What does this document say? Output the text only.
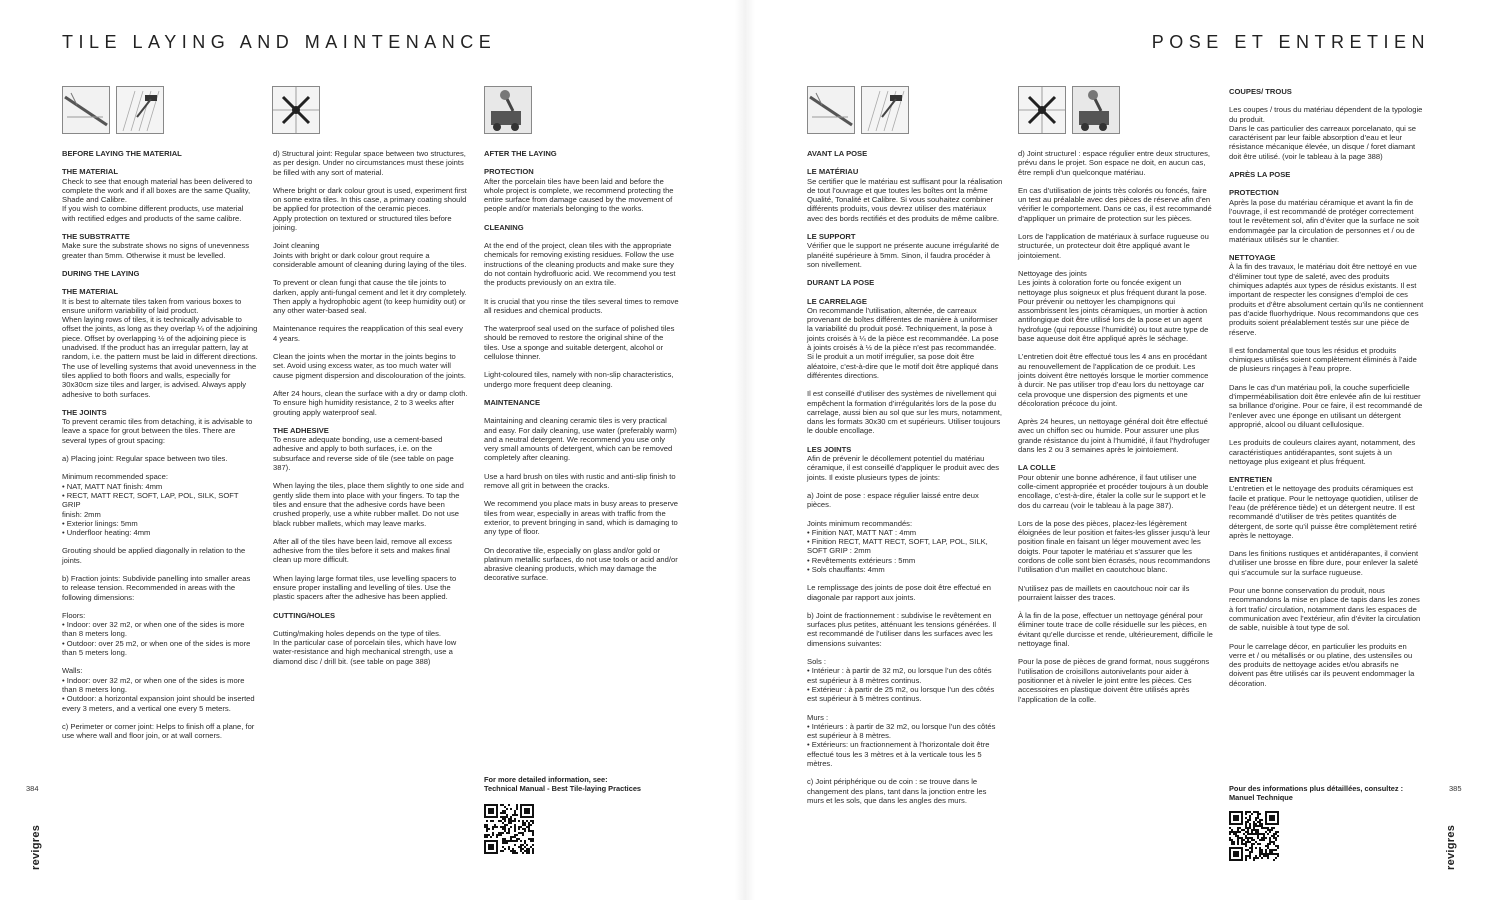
TILE LAYING AND MAINTENANCE
BEFORE LAYING THE MATERIAL
THE MATERIAL
Check to see that enough material has been delivered to complete the work and if all boxes are the same Quality, Shade and Calibre.
If you wish to combine different products, use material with rectified edges and products of the same calibre.
THE SUBSTRATTE
Make sure the substrate shows no signs of unevenness greater than 5mm. Otherwise it must be levelled.
DURING THE LAYING
THE MATERIAL
It is best to alternate tiles taken from various boxes to ensure uniform variability of laid product.
When laying rows of tiles, it is technically advisable to offset the joints, as long as they overlap ¼ of the adjoining piece. Offset by overlapping ½ of the adjoining piece is unadvised. If the product has an irregular pattern, lay at random, i.e. the pattern must be laid in different directions.
The use of levelling systems that avoid unevenness in the tiles applied to both floors and walls, especially for 30x30cm size tiles and larger, is advised. Always apply adhesive to both surfaces.
THE JOINTS
To prevent ceramic tiles from detaching, it is advisable to leave a space for grout between the tiles. There are several types of grout spacing:
a) Placing joint: Regular space between two tiles.
Minimum recommended space:
• NAT, MATT NAT finish: 4mm
• RECT, MATT RECT, SOFT, LAP, POL, SILK, SOFT GRIP
finish: 2mm
• Exterior linings: 5mm
• Underfloor heating: 4mm
Grouting should be applied diagonally in relation to the joints.
b) Fraction joints: Subdivide panelling into smaller areas to release tension. Recommended in areas with the following dimensions:
Floors:
• Indoor: over 32 m2, or when one of the sides is more than 8 meters long.
• Outdoor: over 25 m2, or when one of the sides is more than 5 meters long.
Walls:
• Indoor: over 32 m2, or when one of the sides is more than 8 meters long.
• Outdoor: a horizontal expansion joint should be inserted every 3 meters, and a vertical one every 5 meters.
c) Perimeter or corner joint: Helps to finish off a plane, for use where wall and floor join, or at wall corners.
d) Structural joint: Regular space between two structures, as per design. Under no circumstances must these joints be filled with any sort of material.
Where bright or dark colour grout is used, experiment first on some extra tiles. In this case, a primary coating should be applied for protection of the ceramic pieces.
Apply protection on textured or structured tiles before joining.
Joint cleaning
Joints with bright or dark colour grout require a considerable amount of cleaning during laying of the tiles.
To prevent or clean fungi that cause the tile joints to darken, apply anti-fungal cement and let it dry completely. Then apply a hydrophobic agent (to keep humidity out) or any other water-based seal.
Maintenance requires the reapplication of this seal every 4 years.
Clean the joints when the mortar in the joints begins to set. Avoid using excess water, as too much water will cause pigment dispersion and discolouration of the joints.
After 24 hours, clean the surface with a dry or damp cloth. To ensure high humidity resistance, 2 to 3 weeks after grouting apply waterproof seal.
THE ADHESIVE
To ensure adequate bonding, use a cement-based adhesive and apply to both surfaces, i.e. on the subsurface and reverse side of tile (see table on page 387).
When laying the tiles, place them slightly to one side and gently slide them into place with your fingers. To tap the tiles and ensure that the adhesive cords have been crushed properly, use a white rubber mallet. Do not use black rubber mallets, which may leave marks.
After all of the tiles have been laid, remove all excess adhesive from the tiles before it sets and makes final clean up more difficult.
When laying large format tiles, use levelling spacers to ensure proper installing and levelling of tiles. Use the plastic spacers after the adhesive has been applied.
CUTTING/HOLES
Cutting/making holes depends on the type of tiles.
In the particular case of porcelain tiles, which have low water-resistance and high mechanical strength, use a diamond disc / drill bit. (see table on page 388)
AFTER THE LAYING
PROTECTION
After the porcelain tiles have been laid and before the whole project is complete, we recommend protecting the entire surface from damage caused by the movement of people and/or materials belonging to the works.
CLEANING
At the end of the project, clean tiles with the appropriate chemicals for removing existing residues. Follow the use instructions of the cleaning products and make sure they do not contain hydrofluoric acid. We recommend you test the products previously on an extra tile.
It is crucial that you rinse the tiles several times to remove all residues and chemical products.
The waterproof seal used on the surface of polished tiles should be removed to restore the original shine of the tiles. Use a sponge and suitable detergent, alcohol or cellulose thinner.
Light-coloured tiles, namely with non-slip characteristics, undergo more frequent deep cleaning.
MAINTENANCE
Maintaining and cleaning ceramic tiles is very practical and easy. For daily cleaning, use water (preferably warm) and a neutral detergent. We recommend you use only very small amounts of detergent, which can be removed completely after cleaning.
Use a hard brush on tiles with rustic and anti-slip finish to remove all grit in between the cracks.
We recommend you place mats in busy areas to preserve tiles from wear, especially in areas with traffic from the exterior, to prevent bringing in sand, which is damaging to any type of floor.
On decorative tile, especially on glass and/or gold or platinum metallic surfaces, do not use tools or acid and/or abrasive cleaning products, which may damage the decorative surface.
For more detailed information, see:
Technical Manual - Best Tile-laying Practices
384
revigres
POSE ET ENTRETIEN
AVANT LA POSE
LE MATÉRIAU
Se certifier que le matériau est suffisant pour la réalisation de tout l’ouvrage et que toutes les boîtes ont la même Qualité, Tonalité et Calibre. Si vous souhaitez combiner différents produits, vous devrez utiliser des matériaux avec des bords rectifiés et des produits de même calibre.
LE SUPPORT
Vérifier que le support ne présente aucune irrégularité de planéité supérieure à 5mm. Sinon, il faudra procéder à son nivellement.
DURANT LA POSE
LE CARRELAGE
On recommande l’utilisation, alternée, de carreaux provenant de boîtes différentes de manière à uniformiser la variabilité du produit posé. Techniquement, la pose à joints croisés à ¼ de la pièce est recommandée. La pose à joints croisés à ½ de la pièce n’est pas recommandée.
Si le produit a un motif irrégulier, sa pose doit être aléatoire, c’est-à-dire que le motif doit être appliqué dans différentes directions.
Il est conseillé d’utiliser des systèmes de nivellement qui empêchent la formation d’irrégularités lors de la pose du carrelage, aussi bien au sol que sur les murs, notamment, dans les formats 30x30 cm et supérieurs. Utiliser toujours le double encollage.
LES JOINTS
Afin de prévenir le décollement potentiel du matériau céramique, il est conseillé d’appliquer le produit avec des joints. Il existe plusieurs types de joints:
a) Joint de pose : espace régulier laissé entre deux pièces.
Joints minimum recommandés:
• Finition NAT, MATT NAT : 4mm
• Finition RECT, MATT RECT, SOFT, LAP, POL, SILK, SOFT GRIP : 2mm
• Revêtements extérieurs : 5mm
• Sols chauffants: 4mm
Le remplissage des joints de pose doit être effectué en diagonale par rapport aux joints.
b) Joint de fractionnement : subdivise le revêtement en surfaces plus petites, atténuant les tensions générées. Il est recommandé de l’utiliser dans les surfaces avec les dimensions suivantes:
Sols :
• Intérieur : à partir de 32 m2, ou lorsque l’un des côtés est supérieur à 8 mètres continus.
• Extérieur : à partir de 25 m2, ou lorsque l’un des côtés est supérieur à 5 mètres continus.
Murs :
• Intérieurs : à partir de 32 m2, ou lorsque l’un des côtés est supérieur à 8 mètres.
• Extérieurs: un fractionnement à l’horizontale doit être effectué tous les 3 mètres et à la verticale tous les 5 mètres.
c) Joint périphérique ou de coin : se trouve dans le changement des plans, tant dans la jonction entre les murs et les sols, que dans les angles des murs.
d) Joint structurel : espace régulier entre deux structures, prévu dans le projet. Son espace ne doit, en aucun cas, être rempli d’un quelconque matériau.
En cas d’utilisation de joints très colorés ou foncés, faire un test au préalable avec des pièces de réserve afin d’en vérifier le comportement. Dans ce cas, il est recommandé d’appliquer un primaire de protection sur les pièces.
Lors de l’application de matériaux à surface rugueuse ou structurée, un protecteur doit être appliqué avant le jointoiement.
Nettoyage des joints
Les joints à coloration forte ou foncée exigent un nettoyage plus soigneux et plus fréquent durant la pose.
Pour prévenir ou nettoyer les champignons qui assombrissent les joints céramiques, un mortier à action antifongique doit être utilisé lors de la pose et un agent hydrofuge (qui repousse l’humidité) ou tout autre type de base aqueuse doit être appliqué après le séchage.
L’entretien doit être effectué tous les 4 ans en procédant au renouvellement de l’application de ce produit. Les joints doivent être nettoyés lorsque le mortier commence à durcir. Ne pas utiliser trop d’eau lors du nettoyage car cela provoque une dispersion des pigments et une décoloration précoce du joint.
Après 24 heures, un nettoyage général doit être effectué avec un chiffon sec ou humide. Pour assurer une plus grande résistance du joint à l’humidité, il faut l’hydrofuger dans les 2 ou 3 semaines après le jointoiement.
LA COLLE
Pour obtenir une bonne adhérence, il faut utiliser une colle-ciment appropriée et procéder toujours à un double encollage, c’est-à-dire, étaler la colle sur le support et le dos du carreau (voir le tableau à la page 387).
Lors de la pose des pièces, placez-les légèrement éloignées de leur position et faites-les glisser jusqu’à leur position finale en faisant un léger mouvement avec les doigts. Pour tapoter le matériau et s’assurer que les cordons de colle sont bien écrasés, nous recommandons l’utilisation d’un maillet en caoutchouc blanc.
N’utilisez pas de maillets en caoutchouc noir car ils pourraient laisser des traces.
À la fin de la pose, effectuer un nettoyage général pour éliminer toute trace de colle résiduelle sur les pièces, en évitant qu’elle durcisse et rende, ultérieurement, difficile le nettoyage final.
Pour la pose de pièces de grand format, nous suggérons l’utilisation de croisillons autonivelants pour aider à positionner et à niveler le joint entre les pièces. Ces accessoires en plastique doivent être utilisés après l’application de la colle.
COUPES/ TROUS
Les coupes / trous du matériau dépendent de la typologie du produit.
Dans le cas particulier des carreaux porcelanato, qui se caractérisent par leur faible absorption d’eau et leur résistance mécanique élevée, un disque / foret diamant doit être utilisé. (voir le tableau à la page 388)
APRÈS LA POSE
PROTECTION
Après la pose du matériau céramique et avant la fin de l’ouvrage, il est recommandé de protéger correctement tout le revêtement sol, afin d’éviter que la surface ne soit endommagée par la circulation de personnes et / ou de matériaux utilisés sur le chantier.
NETTOYAGE
À la fin des travaux, le matériau doit être nettoyé en vue d’éliminer tout type de saleté, avec des produits chimiques adaptés aux types de résidus existants. Il est important de respecter les consignes d’emploi de ces produits et d’être absolument certain qu’ils ne contiennent pas d’acide fluorhydrique. Nous recommandons que ces produits soient préalablement testés sur une pièce de réserve.
Il est fondamental que tous les résidus et produits chimiques utilisés soient complètement éliminés à l’aide de plusieurs rinçages à l’eau propre.
Dans le cas d’un matériau poli, la couche superficielle d’imperméabilisation doit être enlevée afin de lui restituer sa brillance d’origine. Pour ce faire, il est recommandé de l’enlever avec une éponge en utilisant un détergent approprié, alcool ou diluant cellulosique.
Les produits de couleurs claires ayant, notamment, des caractéristiques antidérapantes, sont sujets à un nettoyage plus exigeant et plus fréquent.
ENTRETIEN
L’entretien et le nettoyage des produits céramiques est facile et pratique. Pour le nettoyage quotidien, utiliser de l’eau (de préférence tiède) et un détergent neutre. Il est recommandé d’utiliser de très petites quantités de détergent, de sorte qu’il puisse être complètement retiré après le nettoyage.
Dans les finitions rustiques et antidérapantes, il convient d’utiliser une brosse en fibre dure, pour enlever la saleté qui s’accumule sur la surface rugueuse.
Pour une bonne conservation du produit, nous recommandons la mise en place de tapis dans les zones à fort trafic/ circulation, notamment dans les espaces de communication avec l’extérieur, afin d’éviter la circulation de sable, nuisible à tout type de sol.
Pour le carrelage décor, en particulier les produits en verre et / ou métallisés or ou platine, des ustensiles ou des produits de nettoyage acides et/ou abrasifs ne doivent pas être utilisés car ils peuvent endommager la décoration.
Pour des informations plus détaillées, consultez :
Manuel Technique
385
revigres
